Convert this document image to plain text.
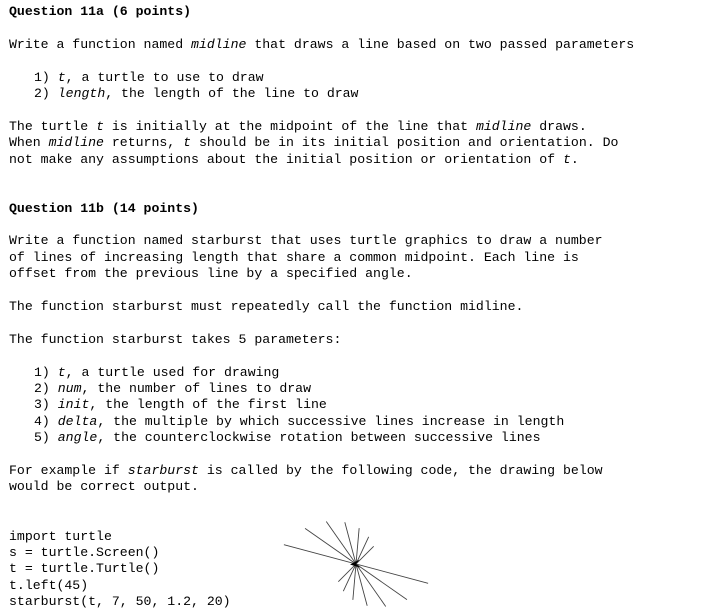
Question 11a (6 points)
Write a function named midline that draws a line based on two passed parameters
1) t, a turtle to use to draw
2) length, the length of the line to draw
The turtle t is initially at the midpoint of the line that midline draws.
When midline returns, t should be in its initial position and orientation. Do
not make any assumptions about the initial position or orientation of t.
Question 11b (14 points)
Write a function named starburst that uses turtle graphics to draw a number
of lines of increasing length that share a common midpoint. Each line is
offset from the previous line by a specified angle.
The function starburst must repeatedly call the function midline.
The function starburst takes 5 parameters:
1) t, a turtle used for drawing
2) num, the number of lines to draw
3) init, the length of the first line
4) delta, the multiple by which successive lines increase in length
5) angle, the counterclockwise rotation between successive lines
For example if starburst is called by the following code, the drawing below
would be correct output.
import turtle
s = turtle.Screen()
t = turtle.Turtle()
t.left(45)
starburst(t, 7, 50, 1.2, 20)
